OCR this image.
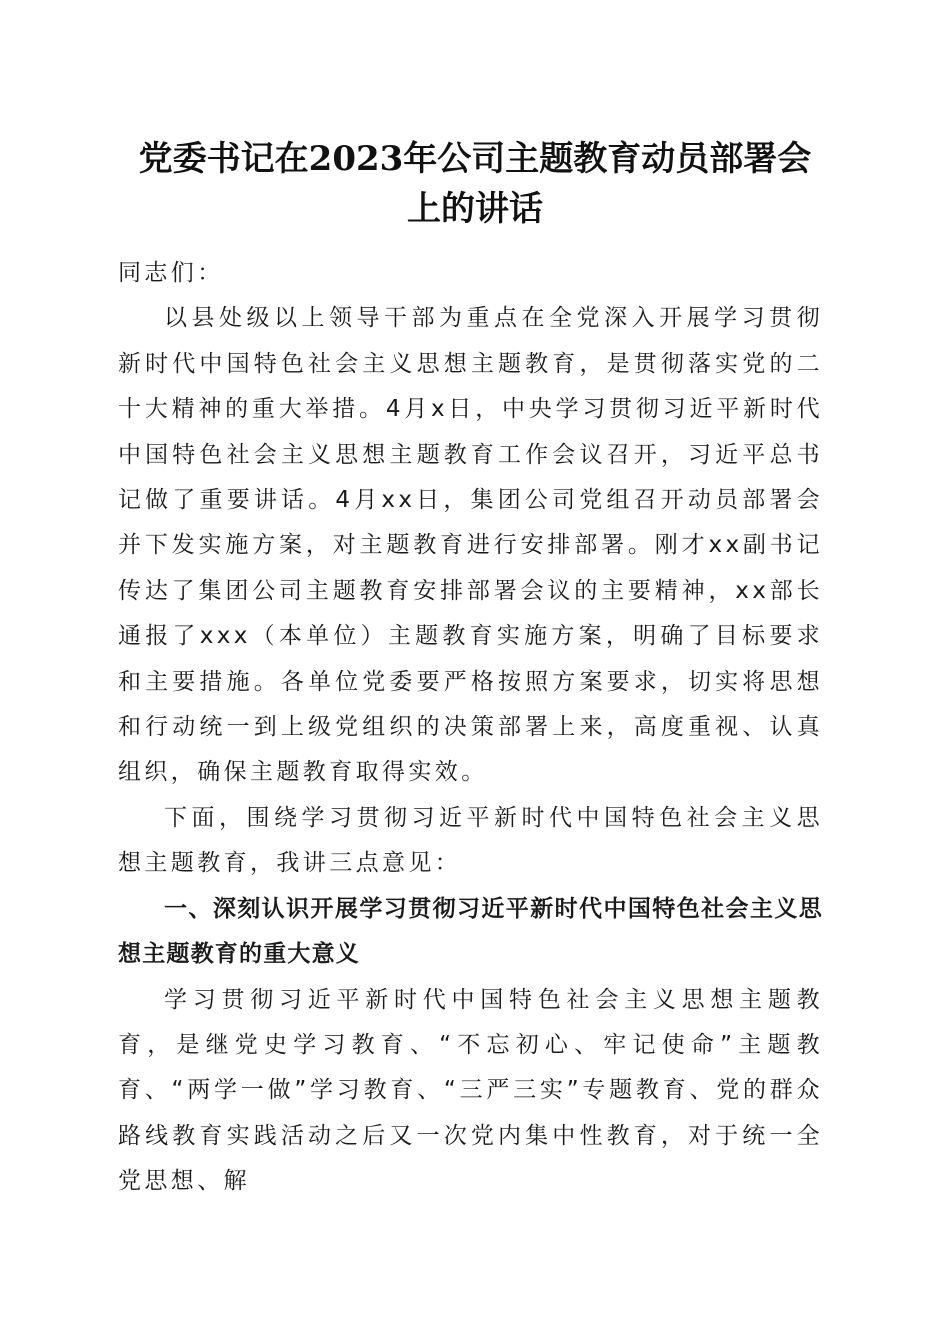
党委书记在2023年公司主题教育动员部署会
上的讲话

同志们：

以县处级以上领导干部为重点在全党深入开展学习贯彻新时代中国特色社会主义思想主题教育，是贯彻落实党的二十大精神的重大举措。4月x日，中央学习贯彻习近平新时代中国特色社会主义思想主题教育工作会议召开，习近平总书记做了重要讲话。4月xx日，集团公司党组召开动员部署会并下发实施方案，对主题教育进行安排部署。刚才xx副书记传达了集团公司主题教育安排部署会议的主要精神，xx部长通报了xxx（本单位）主题教育实施方案，明确了目标要求和主要措施。各单位党委要严格按照方案要求，切实将思想和行动统一到上级党组织的决策部署上来，高度重视、认真组织，确保主题教育取得实效。

下面，围绕学习贯彻习近平新时代中国特色社会主义思想主题教育，我讲三点意见：

一、深刻认识开展学习贯彻习近平新时代中国特色社会主义思想主题教育的重大意义

学习贯彻习近平新时代中国特色社会主义思想主题教育，是继党史学习教育、“不忘初心、牢记使命”主题教育、“两学一做”学习教育、“三严三实”专题教育、党的群众路线教育实践活动之后又一次党内集中性教育，对于统一全党思想、解
